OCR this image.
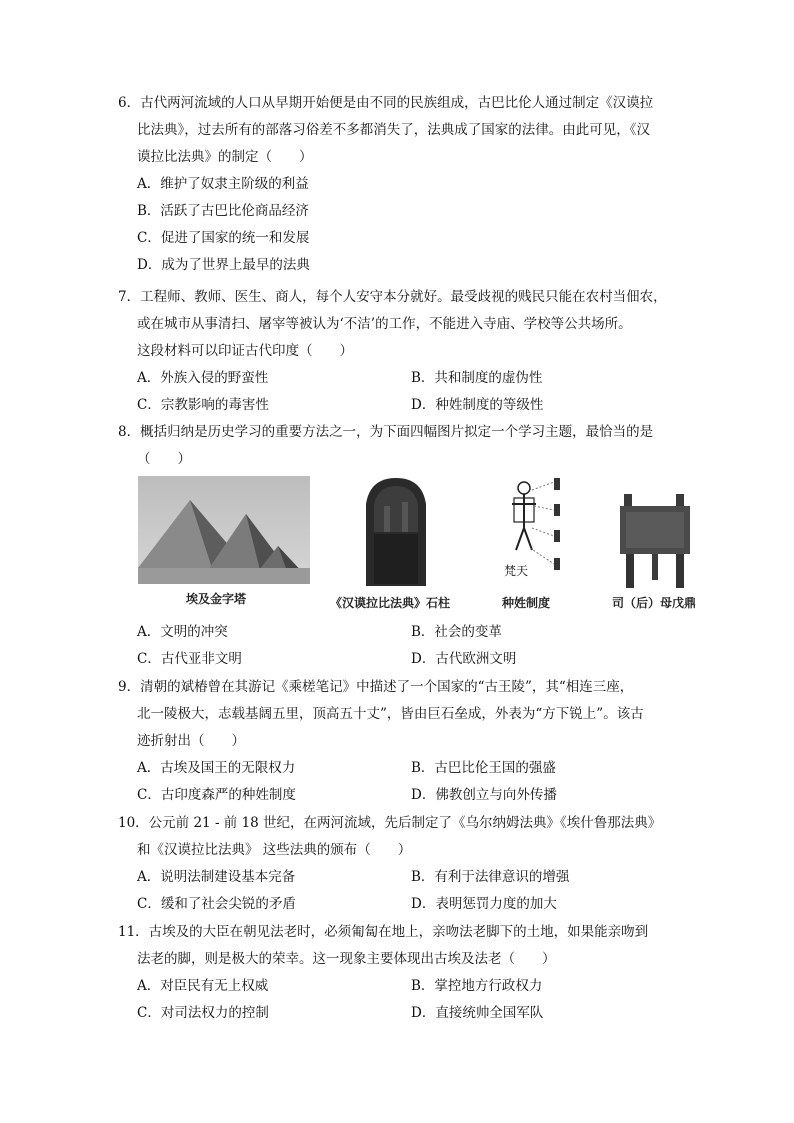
6．古代两河流域的人口从早期开始便是由不同的民族组成，古巴比伦人通过制定《汉谟拉
比法典》，过去所有的部落习俗差不多都消失了，法典成了国家的法律。由此可见，《汉
谟拉比法典》的制定（　　）
A．维护了奴隶主阶级的利益
B．活跃了古巴比伦商品经济
C．促进了国家的统一和发展
D．成为了世界上最早的法典
7．工程师、教师、医生、商人，每个人安守本分就好。最受歧视的贱民只能在农村当佃农，
或在城市从事清扫、屠宰等被认为‘不洁’的工作，不能进入寺庙、学校等公共场所。
这段材料可以印证古代印度（　　）
A．外族入侵的野蛮性	B．共和制度的虚伪性
C．宗教影响的毒害性	D．种姓制度的等级性
8．概括归纳是历史学习的重要方法之一，为下面四幅图片拟定一个学习主题，最恰当的是
（　　）
埃及金字塔	《汉谟拉比法典》石柱
梵天
种姓制度	司（后）母戊鼎
A．文明的冲突	B．社会的变革
C．古代亚非文明	D．古代欧洲文明
9．清朝的斌椿曾在其游记《乘槎笔记》中描述了一个国家的“古王陵”，其“相连三座，
北一陵极大，志载基阔五里，顶高五十丈”，皆由巨石垒成，外表为“方下锐上”。该古
迹折射出（　　）
A．古埃及国王的无限权力	B．古巴比伦王国的强盛
C．古印度森严的种姓制度	D．佛教创立与向外传播
10．公元前 21 - 前 18 世纪，在两河流域，先后制定了《乌尔纳姆法典》《埃什鲁那法典》
和《汉谟拉比法典》 这些法典的颁布（　　）
A．说明法制建设基本完备	B．有利于法律意识的增强
C．缓和了社会尖锐的矛盾	D．表明惩罚力度的加大
11．古埃及的大臣在朝见法老时，必须匍匐在地上，亲吻法老脚下的土地，如果能亲吻到
法老的脚，则是极大的荣幸。这一现象主要体现出古埃及法老（　　）
A．对臣民有无上权威	B．掌控地方行政权力
C．对司法权力的控制	D．直接统帅全国军队
